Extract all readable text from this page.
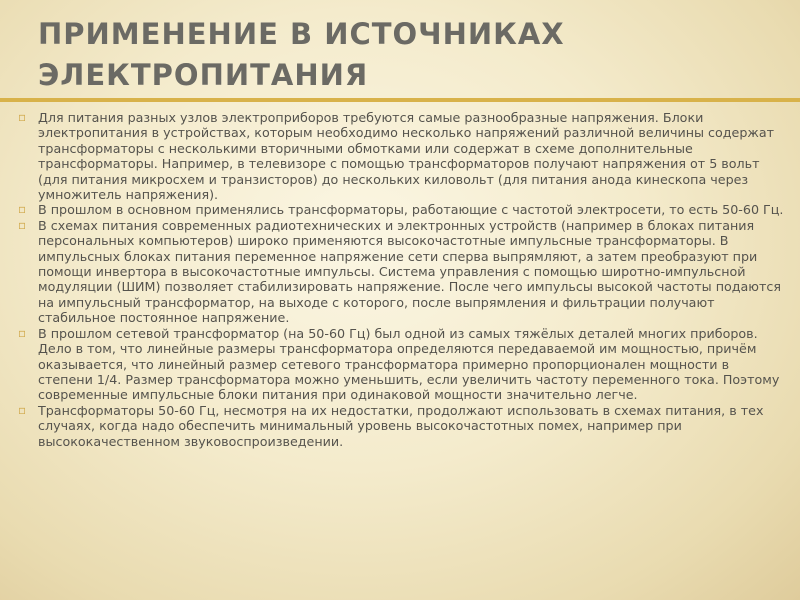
ПРИМЕНЕНИЕ В ИСТОЧНИКАХ
ЭЛЕКТРОПИТАНИЯ
▫ Для питания разных узлов электроприборов требуются самые разнообразные напряжения. Блоки электропитания в устройствах, которым необходимо несколько напряжений различной величины содержат трансформаторы с несколькими вторичными обмотками или содержат в схеме дополнительные трансформаторы. Например, в телевизоре с помощью трансформаторов получают напряжения от 5 вольт (для питания микросхем и транзисторов) до нескольких киловольт (для питания анода кинескопа через умножитель напряжения).
▫ В прошлом в основном применялись трансформаторы, работающие с частотой электросети, то есть 50-60 Гц.
▫ В схемах питания современных радиотехнических и электронных устройств (например в блоках питания персональных компьютеров) широко применяются высокочастотные импульсные трансформаторы. В импульсных блоках питания переменное напряжение сети сперва выпрямляют, а затем преобразуют при помощи инвертора в высокочастотные импульсы. Система управления с помощью широтно-импульсной модуляции (ШИМ) позволяет стабилизировать напряжение. После чего импульсы высокой частоты подаются на импульсный трансформатор, на выходе с которого, после выпрямления и фильтрации получают стабильное постоянное напряжение.
▫ В прошлом сетевой трансформатор (на 50-60 Гц) был одной из самых тяжёлых деталей многих приборов. Дело в том, что линейные размеры трансформатора определяются передаваемой им мощностью, причём оказывается, что линейный размер сетевого трансформатора примерно пропорционален мощности в степени 1/4. Размер трансформатора можно уменьшить, если увеличить частоту переменного тока. Поэтому современные импульсные блоки питания при одинаковой мощности значительно легче.
▫ Трансформаторы 50-60 Гц, несмотря на их недостатки, продолжают использовать в схемах питания, в тех случаях, когда надо обеспечить минимальный уровень высокочастотных помех, например при высококачественном звуковоспроизведении.
